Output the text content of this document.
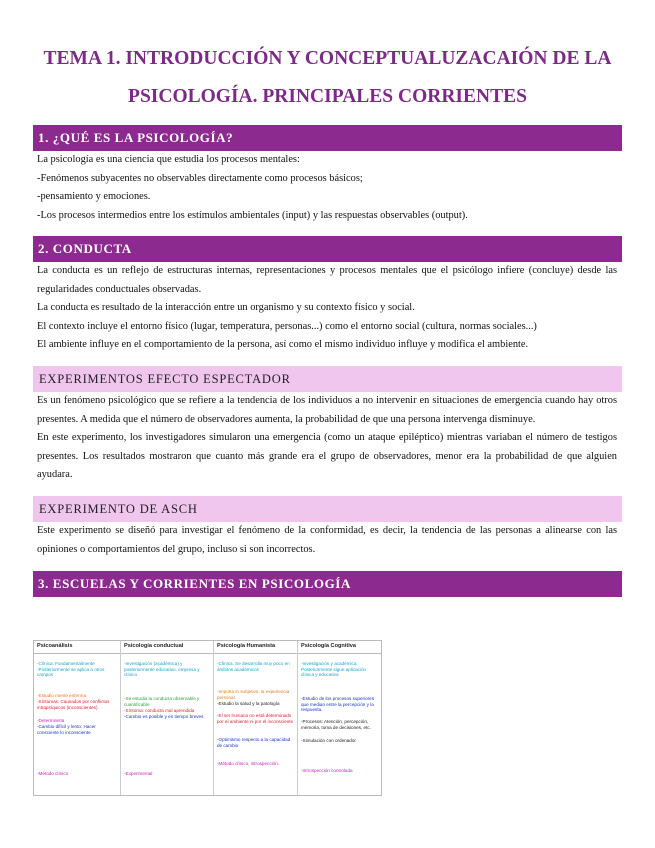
TEMA 1. INTRODUCCIÓN Y CONCEPTUALUZACAIÓN DE LA PSICOLOGÍA. PRINCIPALES CORRIENTES
1. ¿QUÉ ES LA PSICOLOGÍA?

La psicología es una ciencia que estudia los procesos mentales:

-Fenómenos subyacentes no observables directamente como procesos básicos;

-pensamiento y emociones.

-Los procesos intermedios entre los estímulos ambientales (input) y las respuestas observables (output).

2. CONDUCTA

La conducta es un reflejo de estructuras internas, representaciones y procesos mentales que el psicólogo infiere (concluye) desde las regularidades conductuales observadas.

La conducta es resultado de la interacción entre un organismo y su contexto físico y social.

El contexto incluye el entorno físico (lugar, temperatura, personas...) como el entorno social (cultura, normas sociales...)

El ambiente influye en el comportamiento de la persona, así como el mismo individuo influye y modifica el ambiente.

EXPERIMENTOS EFECTO ESPECTADOR

Es un fenómeno psicológico que se refiere a la tendencia de los individuos a no intervenir en situaciones de emergencia cuando hay otros presentes. A medida que el número de observadores aumenta, la probabilidad de que una persona intervenga disminuye.

En este experimento, los investigadores simularon una emergencia (como un ataque epiléptico) mientras variaban el número de testigos presentes. Los resultados mostraron que cuanto más grande era el grupo de observadores, menor era la probabilidad de que alguien ayudara.

EXPERIMENTO DE ASCH

Este experimento se diseñó para investigar el fenómeno de la conformidad, es decir, la tendencia de las personas a alinearse con las opiniones o comportamientos del grupo, incluso si son incorrectos.

3. ESCUELAS Y CORRIENTES EN PSICOLOGÍA
Psicoanálisis
-Clínica. Fundamentalmente
-Posteriormente se aplica a otros campos
-Estudio mente enferma
-Síntomas: Causados por conflictos intrapsíquicos (inconscientes)
-Determinista
-Cambio difícil y lento: Hacer consciente lo inconsciente
-Método clínico
Psicología conductual
-Investigación (académica) y posteriormente educativo, empresa y clínico
-Se estudia la conducta observable y cuantificable
-Síntoma: conducta mal aprendida
-Cambio es posible y en tiempo breves
-Experimental
Psicología Humanista
-Clínica. Se desarrolla muy poco en ámbitos académicos
-Importa lo subjetivo, la experiencia personal
-Estudio la salud y la patología
-El ser humano no está determinado por el ambiente ni por el inconsciente
-Optimismo respecto a la capacidad de cambio
-Método clínico, introspección.
Psicología Cognitiva
-Investigación y académica. Posteriormente sigue aplicación clínica y educativa
-Estudio de los procesos superiores que median entre la percepción y la respuesta.
-Procesos: Atención, percepción, memoria, toma de decisiones, etc.
-Simulación con ordenador
-Introspección controlada
